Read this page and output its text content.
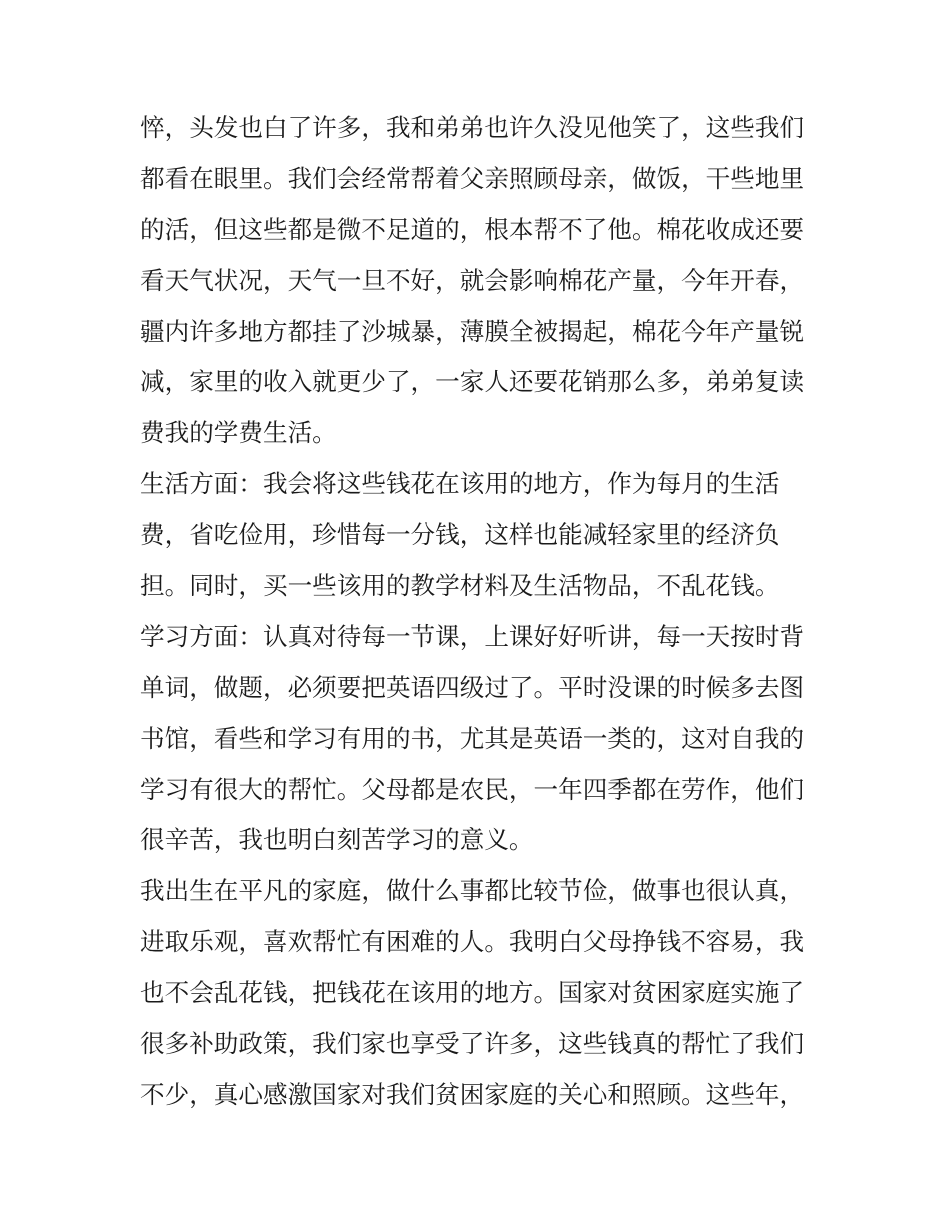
悴，头发也白了许多，我和弟弟也许久没见他笑了，这些我们
都看在眼里。我们会经常帮着父亲照顾母亲，做饭，干些地里
的活，但这些都是微不足道的，根本帮不了他。棉花收成还要
看天气状况，天气一旦不好，就会影响棉花产量，今年开春，
疆内许多地方都挂了沙城暴，薄膜全被揭起，棉花今年产量锐
减，家里的收入就更少了，一家人还要花销那么多，弟弟复读
费我的学费生活。
生活方面：我会将这些钱花在该用的地方，作为每月的生活
费，省吃俭用，珍惜每一分钱，这样也能减轻家里的经济负
担。同时，买一些该用的教学材料及生活物品，不乱花钱。
学习方面：认真对待每一节课，上课好好听讲，每一天按时背
单词，做题，必须要把英语四级过了。平时没课的时候多去图
书馆，看些和学习有用的书，尤其是英语一类的，这对自我的
学习有很大的帮忙。父母都是农民，一年四季都在劳作，他们
很辛苦，我也明白刻苦学习的意义。
我出生在平凡的家庭，做什么事都比较节俭，做事也很认真，
进取乐观，喜欢帮忙有困难的人。我明白父母挣钱不容易，我
也不会乱花钱，把钱花在该用的地方。国家对贫困家庭实施了
很多补助政策，我们家也享受了许多，这些钱真的帮忙了我们
不少，真心感激国家对我们贫困家庭的关心和照顾。这些年，
